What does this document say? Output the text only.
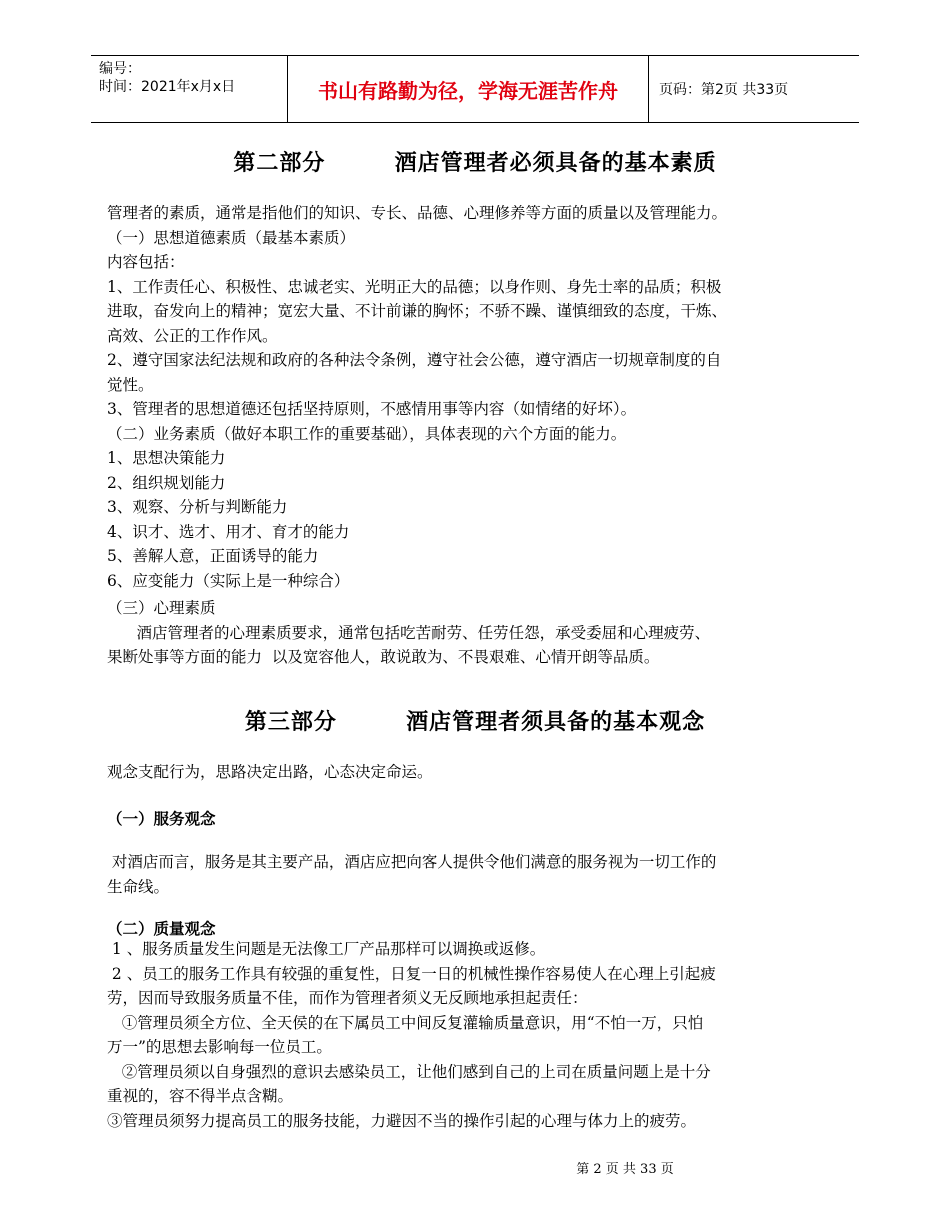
编号：
时间：2021年x月x日	书山有路勤为径，学海无涯苦作舟	页码：第2页 共33页
第二部分        酒店管理者必须具备的基本素质

管理者的素质，通常是指他们的知识、专长、品德、心理修养等方面的质量以及管理能力。

（一）思想道德素质（最基本素质）

内容包括：

1、工作责任心、积极性、忠诚老实、光明正大的品德；以身作则、身先士率的品质；积极

进取，奋发向上的精神；宽宏大量、不计前谦的胸怀；不骄不躁、谨慎细致的态度，干炼、

高效、公正的工作作风。

2、遵守国家法纪法规和政府的各种法令条例，遵守社会公德，遵守酒店一切规章制度的自

觉性。

3、管理者的思想道德还包括坚持原则，不感情用事等内容（如情绪的好坏）。

（二）业务素质（做好本职工作的重要基础），具体表现的六个方面的能力。

1、思想决策能力

2、组织规划能力

3、观察、分析与判断能力

4、识才、选才、用才、育才的能力

5、善解人意，正面诱导的能力

6、应变能力（实际上是一种综合）

（三）心理素质

酒店管理者的心理素质要求，通常包括吃苦耐劳、任劳任怨，承受委屈和心理疲劳、

果断处事等方面的能力  以及宽容他人，敢说敢为、不畏艰难、心情开朗等品质。

第三部分        酒店管理者须具备的基本观念
观念支配行为，思路决定出路，心态决定命运。
（一）服务观念

对酒店而言，服务是其主要产品，酒店应把向客人提供令他们满意的服务视为一切工作的

生命线。

（二）质量观念

1 、服务质量发生问题是无法像工厂产品那样可以调换或返修。

2 、员工的服务工作具有较强的重复性，日复一日的机械性操作容易使人在心理上引起疲

劳，因而导致服务质量不佳，而作为管理者须义无反顾地承担起责任：

①管理员须全方位、全天侯的在下属员工中间反复灌输质量意识，用“不怕一万，只怕

万一”的思想去影响每一位员工。

②管理员须以自身强烈的意识去感染员工，让他们感到自己的上司在质量问题上是十分

重视的，容不得半点含糊。

③管理员须努力提高员工的服务技能，力避因不当的操作引起的心理与体力上的疲劳。

第 2 页 共 33 页
